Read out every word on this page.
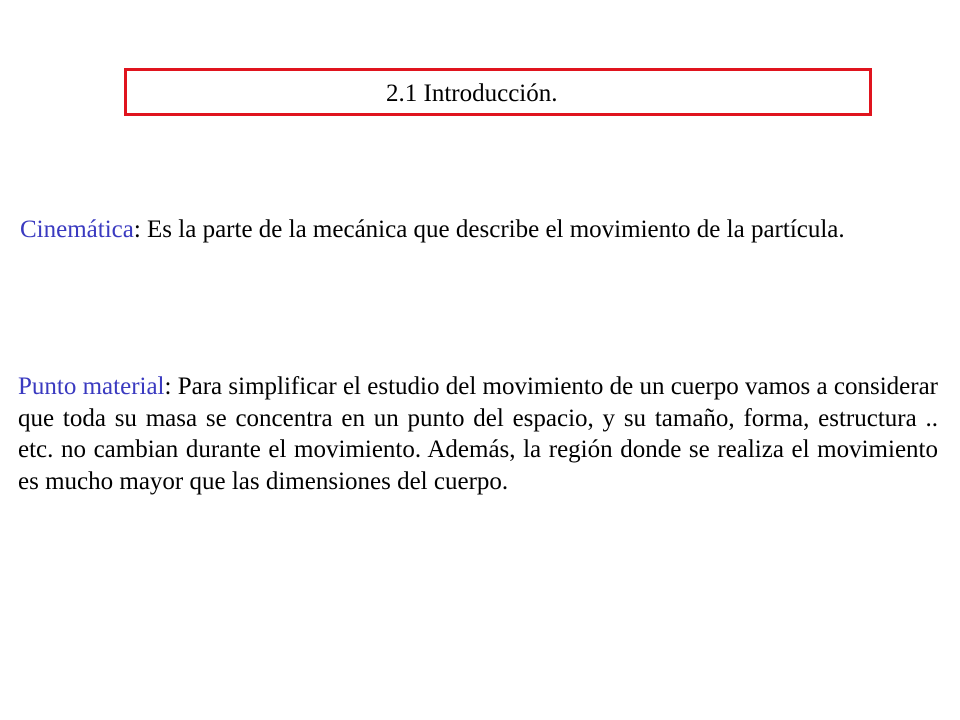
2.1 Introducción.

Cinemática: Es la parte de la mecánica que describe el movimiento de la partícula.

Punto material: Para simplificar el estudio del movimiento de un cuerpo vamos a considerar que toda su masa se concentra en un punto del espacio, y su tamaño, forma, estructura .. etc. no cambian durante el movimiento. Además, la región donde se realiza el movimiento es mucho mayor que las dimensiones del cuerpo.
